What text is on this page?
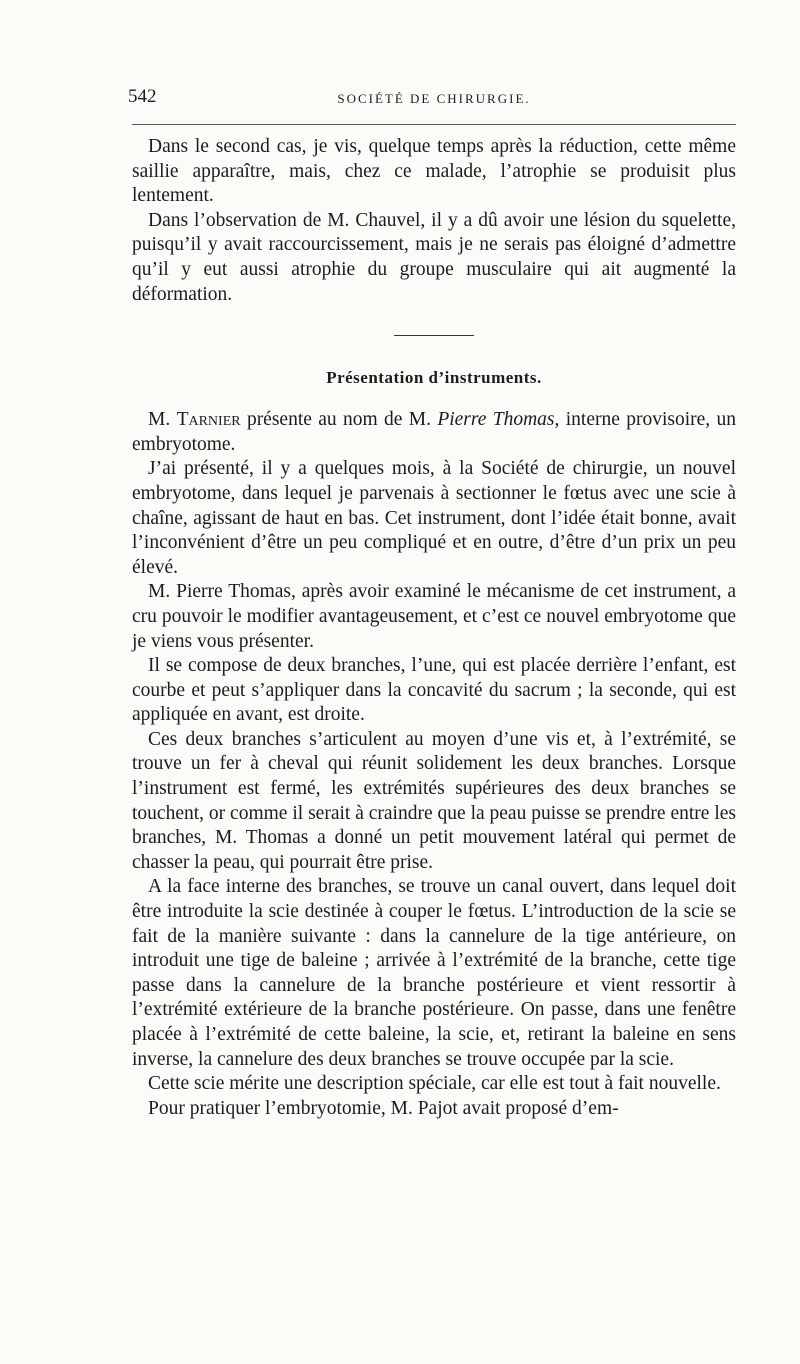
542	SOCIÉTÉ DE CHIRURGIE.

Dans le second cas, je vis, quelque temps après la réduction, cette même saillie apparaître, mais, chez ce malade, l’atrophie se produisit plus lentement.

Dans l’observation de M. Chauvel, il y a dû avoir une lésion du squelette, puisqu’il y avait raccourcissement, mais je ne serais pas éloigné d’admettre qu’il y eut aussi atrophie du groupe musculaire qui ait augmenté la déformation.

Présentation d’instruments.

M. Tarnier présente au nom de M. Pierre Thomas, interne provisoire, un embryotome.

J’ai présenté, il y a quelques mois, à la Société de chirurgie, un nouvel embryotome, dans lequel je parvenais à sectionner le fœtus avec une scie à chaîne, agissant de haut en bas. Cet instrument, dont l’idée était bonne, avait l’inconvénient d’être un peu compliqué et en outre, d’être d’un prix un peu élevé.

M. Pierre Thomas, après avoir examiné le mécanisme de cet instrument, a cru pouvoir le modifier avantageusement, et c’est ce nouvel embryotome que je viens vous présenter.

Il se compose de deux branches, l’une, qui est placée derrière l’enfant, est courbe et peut s’appliquer dans la concavité du sacrum ; la seconde, qui est appliquée en avant, est droite.

Ces deux branches s’articulent au moyen d’une vis et, à l’extrémité, se trouve un fer à cheval qui réunit solidement les deux branches. Lorsque l’instrument est fermé, les extrémités supérieures des deux branches se touchent, or comme il serait à craindre que la peau puisse se prendre entre les branches, M. Thomas a donné un petit mouvement latéral qui permet de chasser la peau, qui pourrait être prise.

A la face interne des branches, se trouve un canal ouvert, dans lequel doit être introduite la scie destinée à couper le fœtus. L’introduction de la scie se fait de la manière suivante : dans la cannelure de la tige antérieure, on introduit une tige de baleine ; arrivée à l’extrémité de la branche, cette tige passe dans la cannelure de la branche postérieure et vient ressortir à l’extrémité extérieure de la branche postérieure. On passe, dans une fenêtre placée à l’extrémité de cette baleine, la scie, et, retirant la baleine en sens inverse, la cannelure des deux branches se trouve occupée par la scie.

Cette scie mérite une description spéciale, car elle est tout à fait nouvelle.

Pour pratiquer l’embryotomie, M. Pajot avait proposé d’em-
